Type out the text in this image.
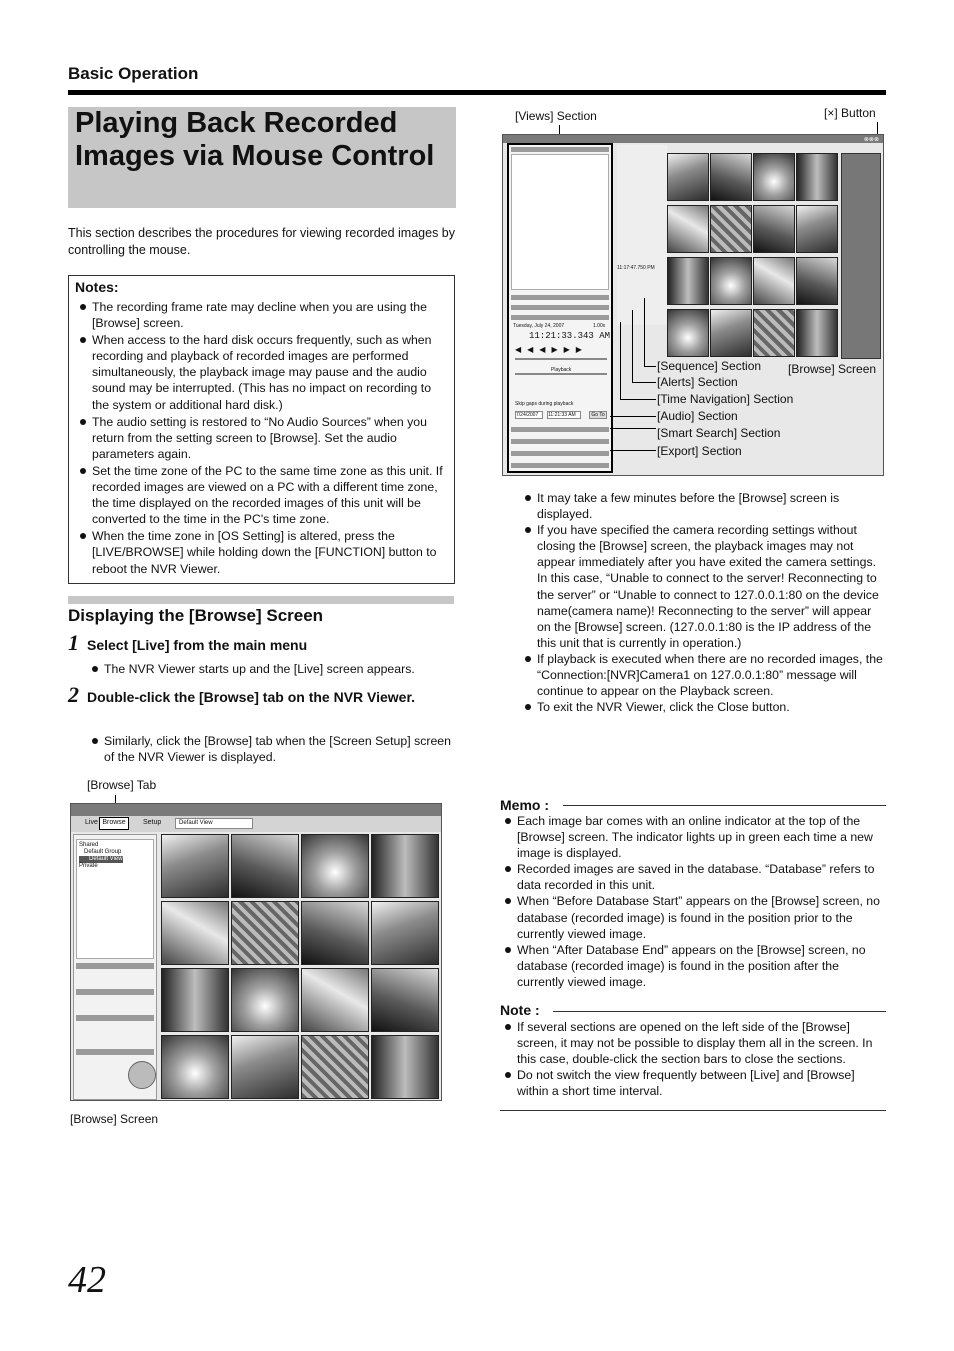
Basic Operation
Playing Back Recorded Images via Mouse Control
This section describes the procedures for viewing recorded images by controlling the mouse.
Notes:
The recording frame rate may decline when you are using the [Browse] screen.
When access to the hard disk occurs frequently, such as when recording and playback of recorded images are performed simultaneously, the playback image may pause and the audio sound may be interrupted. (This has no impact on recording to the system or additional hard disk.)
The audio setting is restored to “No Audio Sources” when you return from the setting screen to [Browse]. Set the audio parameters again.
Set the time zone of the PC to the same time zone as this unit. If recorded images are viewed on a PC with a different time zone, the time displayed on the recorded images of this unit will be converted to the time in the PC's time zone.
When the time zone in [OS Setting] is altered, press the [LIVE/BROWSE] while holding down the [FUNCTION] button to reboot the NVR Viewer.
Displaying the [Browse] Screen
1 Select [Live] from the main menu
The NVR Viewer starts up and the [Live] screen appears.
2 Double-click the [Browse] tab on the NVR Viewer.
Similarly, click the [Browse] tab when the [Screen Setup] screen of the NVR Viewer is displayed.
[Browse] Tab
Live Browse	Setup	Default View
Shared
Default Group
Default View
Private
[Browse] Screen
[Views] Section	[×] Button
⊗⊗⊗
Tuesday, July 24, 2007	1.00x
11:21:33.343 AM
◀◀◀▶▶▶
Playback
Skip gaps during playback
7/24/2007	11:21:33 AM	Go To
11:17:47.750 PM
[Sequence] Section [Browse] Screen
[Alerts] Section
[Time Navigation] Section
[Audio] Section
[Smart Search] Section
[Export] Section
It may take a few minutes before the [Browse] screen is displayed.
If you have specified the camera recording settings without closing the [Browse] screen, the playback images may not appear immediately after you have exited the camera settings. In this case, “Unable to connect to the server! Reconnecting to the server” or “Unable to connect to 127.0.0.1:80 on the device name(camera name)! Reconnecting to the server” will appear on the [Browse] screen. (127.0.0.1:80 is the IP address of the this unit that is currently in operation.)
If playback is executed when there are no recorded images, the “Connection:[NVR]Camera1 on 127.0.0.1:80” message will continue to appear on the Playback screen.
To exit the NVR Viewer, click the Close button.
Memo :
Each image bar comes with an online indicator at the top of the [Browse] screen. The indicator lights up in green each time a new image is displayed.
Recorded images are saved in the database. “Database” refers to data recorded in this unit.
When “Before Database Start” appears on the [Browse] screen, no database (recorded image) is found in the position prior to the currently viewed image.
When “After Database End” appears on the [Browse] screen, no database (recorded image) is found in the position after the currently viewed image.
Note :
If several sections are opened on the left side of the [Browse] screen, it may not be possible to display them all in the screen. In this case, double-click the section bars to close the sections.
Do not switch the view frequently between [Live] and [Browse] within a short time interval.
42
